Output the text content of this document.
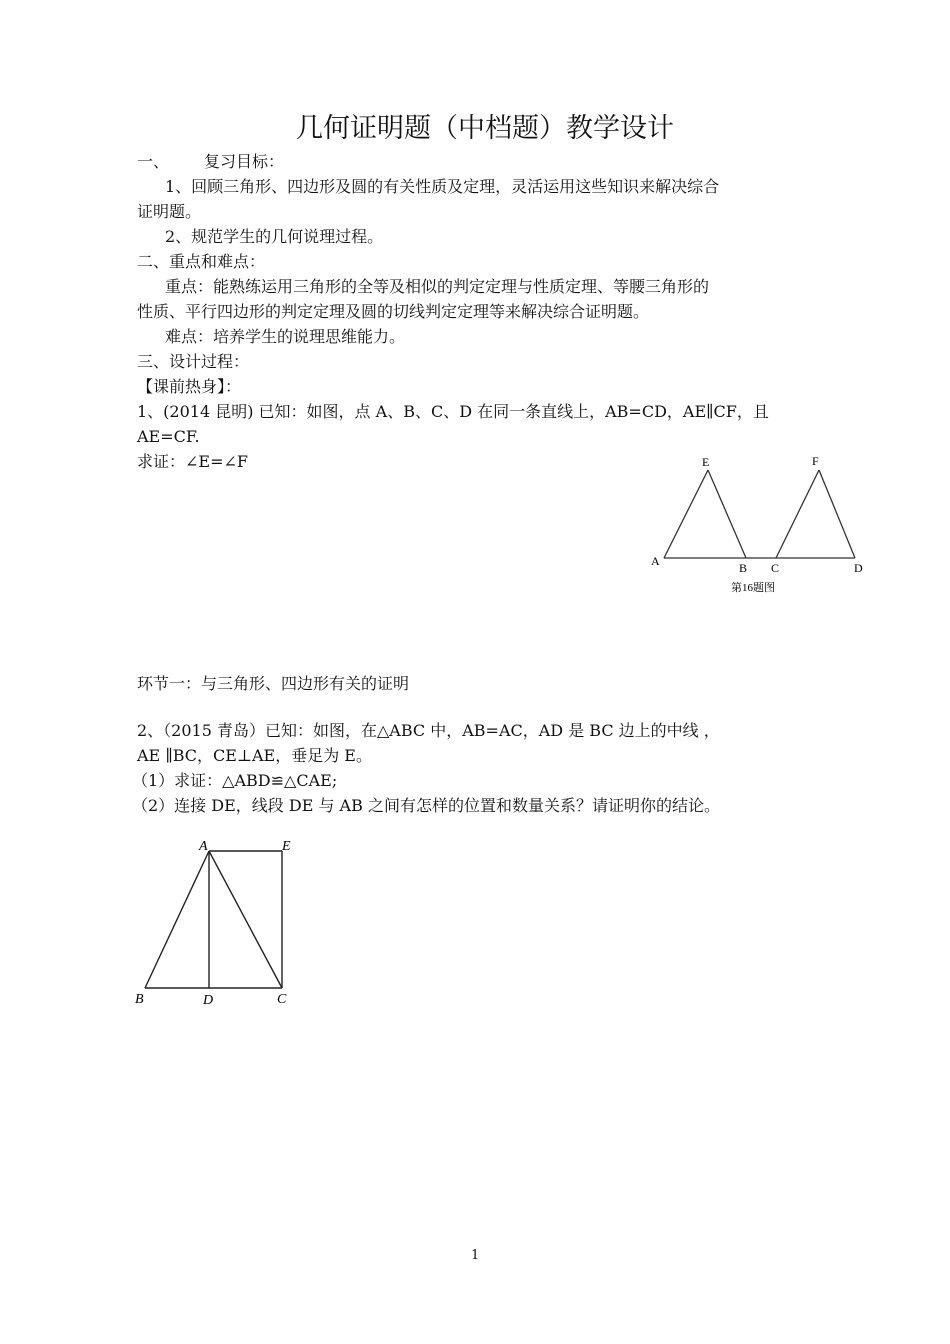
几何证明题（中档题）教学设计
一、 复习目标：
1、回顾三角形、四边形及圆的有关性质及定理，灵活运用这些知识来解决综合
证明题。
2、规范学生的几何说理过程。
二、重点和难点：
重点：能熟练运用三角形的全等及相似的判定定理与性质定理、等腰三角形的
性质、平行四边形的判定定理及圆的切线判定定理等来解决综合证明题。
难点：培养学生的说理思维能力。
三、设计过程：
【课前热身】：
1、(2014 昆明) 已知：如图，点 A、B、C、D 在同一条直线上，AB=CD，AE∥CF，且
AE=CF.
求证：∠E=∠F	E	F
A	B C	D
第16题图
环节一：与三角形、四边形有关的证明
2、（2015 青岛）已知：如图，在△ABC 中，AB=AC，AD 是 BC 边上的中线 ，
AE ∥BC，CE⊥AE，垂足为 E。
（1）求证：△ABD≌△CAE;
（2）连接 DE，线段 DE 与 AB 之间有怎样的位置和数量关系？请证明你的结论。
A	E
B	D	C
1
